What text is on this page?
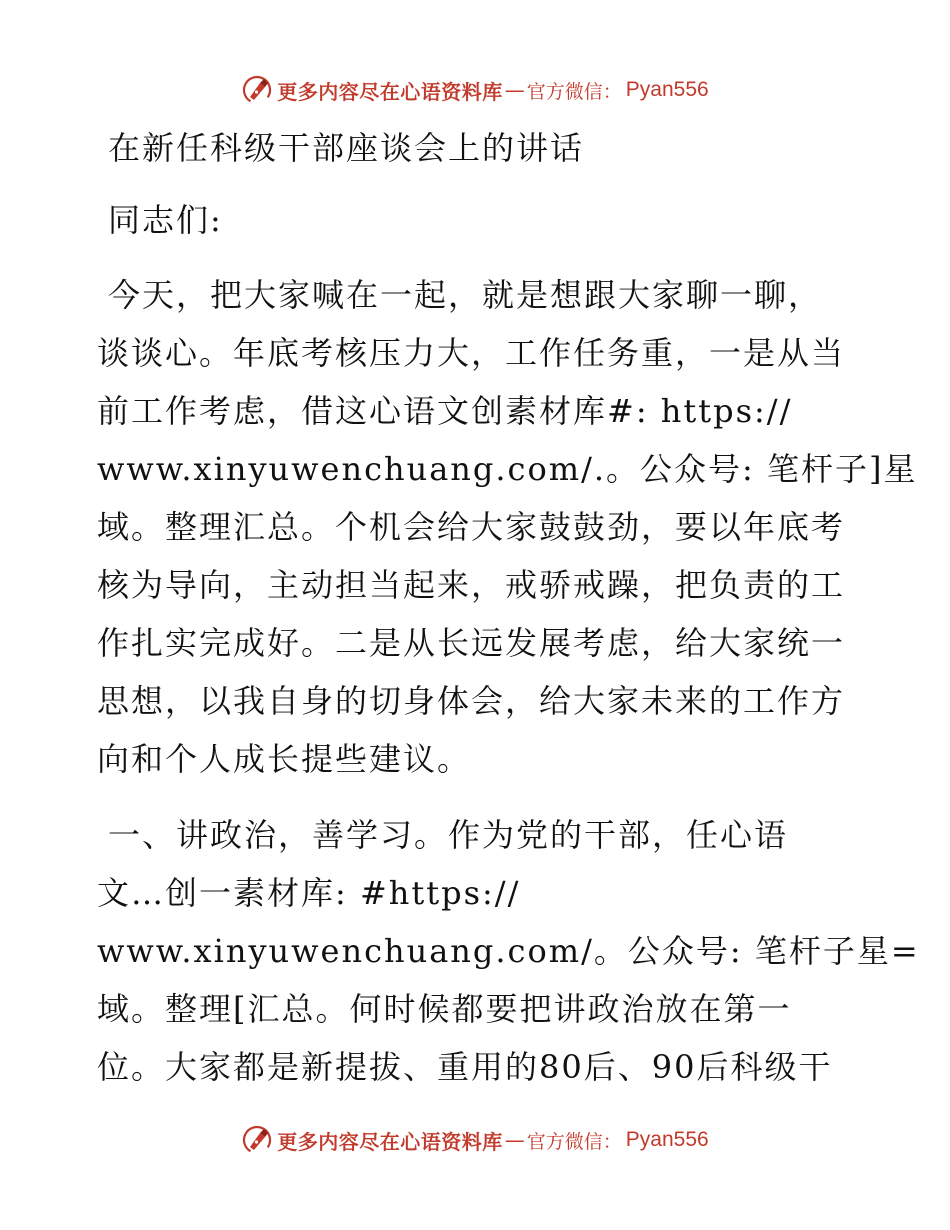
更多内容尽在心语资料库 — 官方微信： Pyan556
在新任科级干部座谈会上的讲话
同志们:
今天，把大家喊在一起，就是想跟大家聊一聊，
谈谈心。年底考核压力大，工作任务重，一是从当
前工作考虑，借这心语文创素材库#: https://
www.xinyuwenchuang.com/.。公众号: 笔杆子]星
域。整理汇总。个机会给大家鼓鼓劲，要以年底考
核为导向，主动担当起来，戒骄戒躁，把负责的工
作扎实完成好。二是从长远发展考虑，给大家统一
思想，以我自身的切身体会，给大家未来的工作方
向和个人成长提些建议。
一、讲政治，善学习。作为党的干部，任心语
文…创一素材库: #https://
www.xinyuwenchuang.com/。公众号: 笔杆子星=
域。整理[汇总。何时候都要把讲政治放在第一
位。大家都是新提拔、重用的80后、90后科级干
更多内容尽在心语资料库 — 官方微信： Pyan556
